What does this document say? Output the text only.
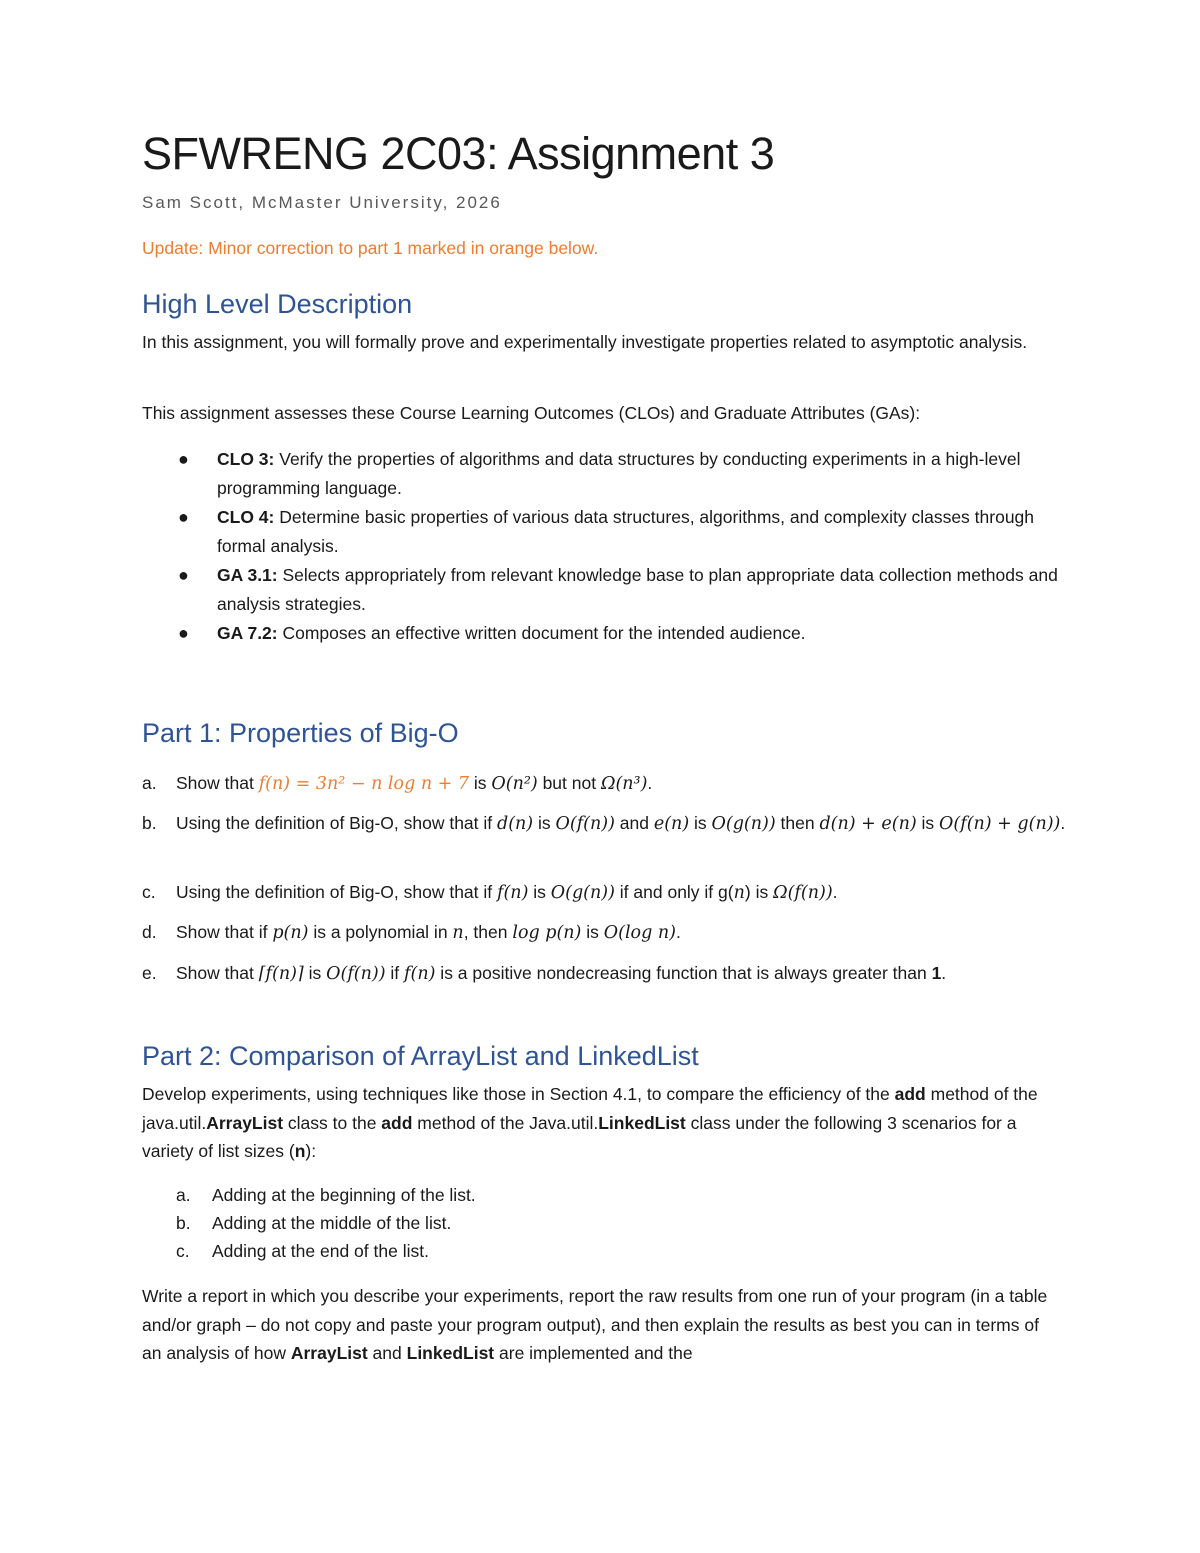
SFWRENG 2C03: Assignment 3
Sam Scott, McMaster University, 2026
Update: Minor correction to part 1 marked in orange below.
High Level Description

In this assignment, you will formally prove and experimentally investigate properties related to asymptotic analysis.

This assignment assesses these Course Learning Outcomes (CLOs) and Graduate Attributes (GAs):

● CLO 3: Verify the properties of algorithms and data structures by conducting experiments in a high-level programming language.
● CLO 4: Determine basic properties of various data structures, algorithms, and complexity classes through formal analysis.
● GA 3.1: Selects appropriately from relevant knowledge base to plan appropriate data collection methods and analysis strategies.
● GA 7.2: Composes an effective written document for the intended audience.
Part 1: Properties of Big-O
a. Show that f(n) = 3n² − n log n + 7 is O(n²) but not Ω(n³).
b. Using the definition of Big-O, show that if d(n) is O(f(n)) and e(n) is O(g(n)) then d(n) + e(n) is O(f(n) + g(n)).
c. Using the definition of Big-O, show that if f(n) is O(g(n)) if and only if g(n) is Ω(f(n)).
d. Show that if p(n) is a polynomial in n, then log p(n) is O(log n).
e. Show that ⌈f(n)⌉ is O(f(n)) if f(n) is a positive nondecreasing function that is always greater than 1.
Part 2: Comparison of ArrayList and LinkedList

Develop experiments, using techniques like those in Section 4.1, to compare the efficiency of the add method of the java.util.ArrayList class to the add method of the Java.util.LinkedList class under the following 3 scenarios for a variety of list sizes (n):

a. Adding at the beginning of the list.
b. Adding at the middle of the list.
c. Adding at the end of the list.

Write a report in which you describe your experiments, report the raw results from one run of your program (in a table and/or graph – do not copy and paste your program output), and then explain the results as best you can in terms of an analysis of how ArrayList and LinkedList are implemented and the
